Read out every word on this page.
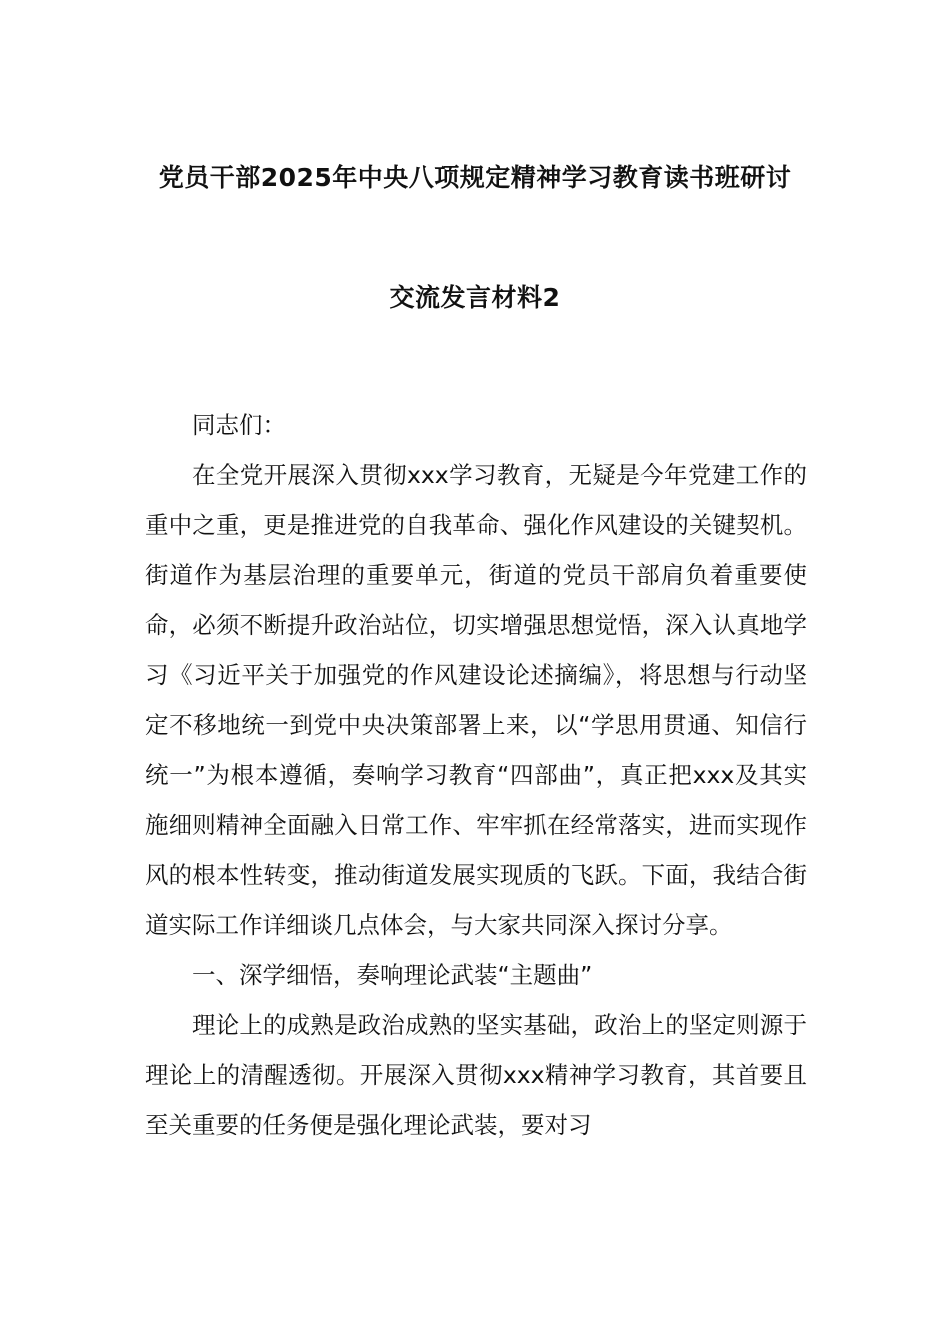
党员干部2025年中央八项规定精神学习教育读书班研讨
交流发言材料2

同志们：

在全党开展深入贯彻xxx学习教育，无疑是今年党建工作的重中之重，更是推进党的自我革命、强化作风建设的关键契机。街道作为基层治理的重要单元，街道的党员干部肩负着重要使命，必须不断提升政治站位，切实增强思想觉悟，深入认真地学习《习近平关于加强党的作风建设论述摘编》，将思想与行动坚定不移地统一到党中央决策部署上来，以“学思用贯通、知信行统一”为根本遵循，奏响学习教育“四部曲”，真正把xxx及其实施细则精神全面融入日常工作、牢牢抓在经常落实，进而实现作风的根本性转变，推动街道发展实现质的飞跃。下面，我结合街道实际工作详细谈几点体会，与大家共同深入探讨分享。

一、深学细悟，奏响理论武装“主题曲”

理论上的成熟是政治成熟的坚实基础，政治上的坚定则源于理论上的清醒透彻。开展深入贯彻xxx精神学习教育，其首要且至关重要的任务便是强化理论武装，要对习
